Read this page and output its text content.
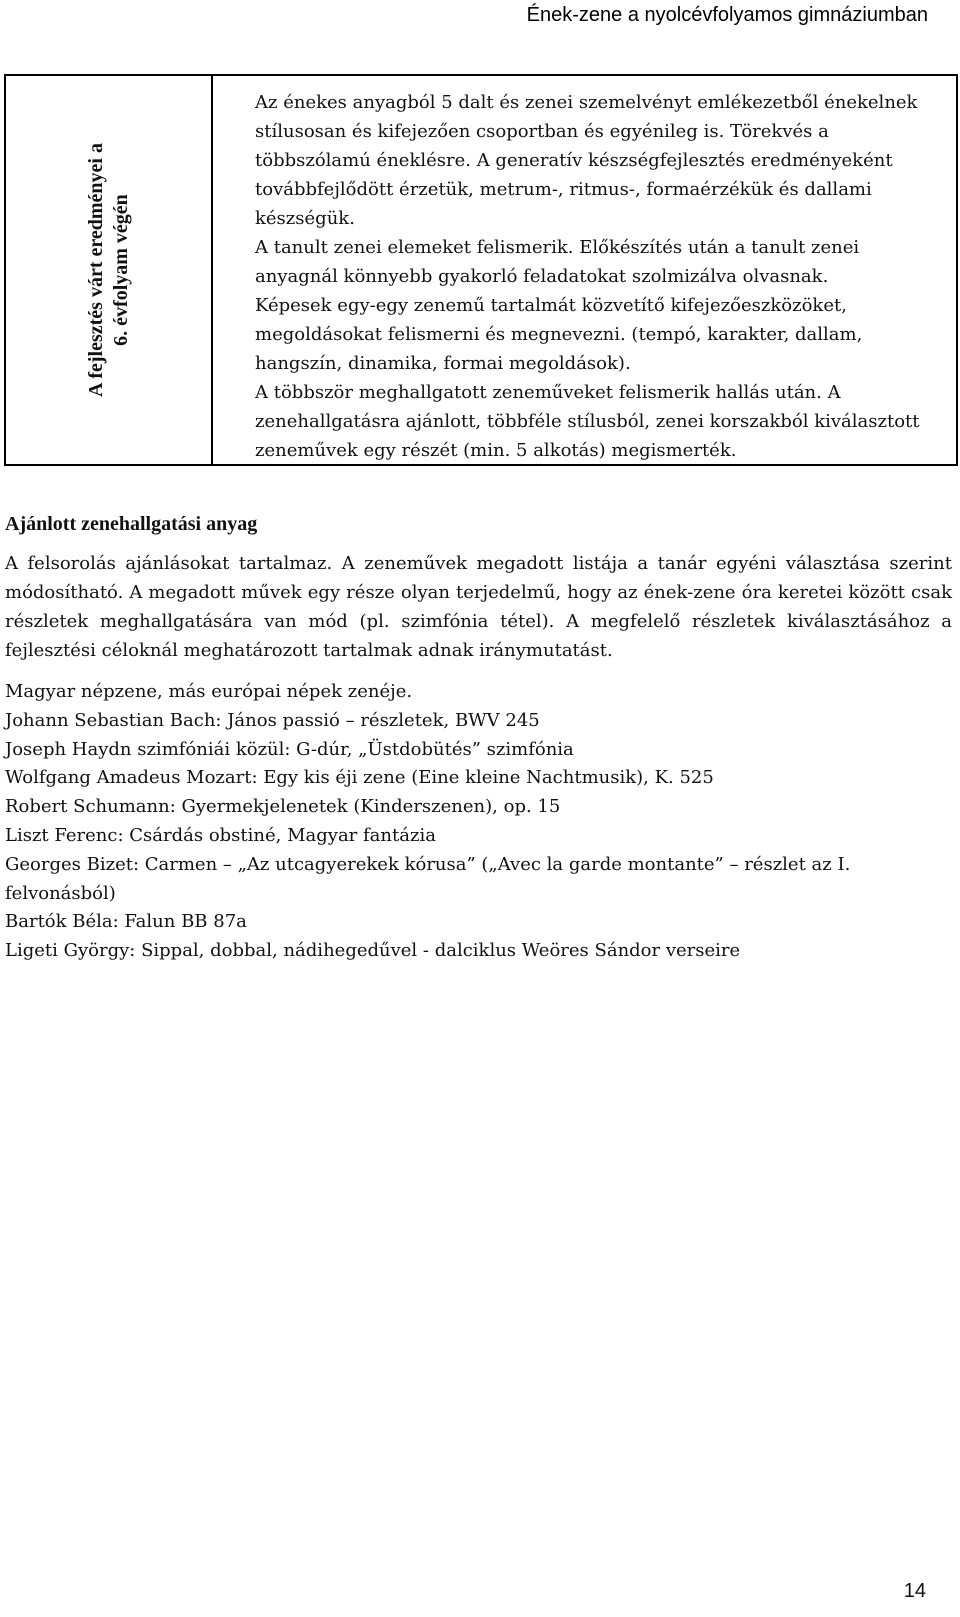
Ének-zene a nyolcévfolyamos gimnáziumban
A fejlesztés várt eredményei a 6. évfolyam végén

Az énekes anyagból 5 dalt és zenei szemelvényt emlékezetből énekelnek stílusosan és kifejezően csoportban és egyénileg is. Törekvés a többszólamú éneklésre. A generatív készségfejlesztés eredményeként továbbfejlődött érzetük, metrum-, ritmus-, formaérzékük és dallami készségük.

A tanult zenei elemeket felismerik. Előkészítés után a tanult zenei anyagnál könnyebb gyakorló feladatokat szolmizálva olvasnak.

Képesek egy-egy zenemű tartalmát közvetítő kifejezőeszközöket, megoldásokat felismerni és megnevezni. (tempó, karakter, dallam, hangszín, dinamika, formai megoldások).

A többször meghallgatott zeneműveket felismerik hallás után. A zenehallgatásra ajánlott, többféle stílusból, zenei korszakból kiválasztott zeneművek egy részét (min. 5 alkotás) megismerték.

Ajánlott zenehallgatási anyag

A felsorolás ajánlásokat tartalmaz. A zeneművek megadott listája a tanár egyéni választása szerint módosítható. A megadott művek egy része olyan terjedelmű, hogy az ének-zene óra keretei között csak részletek meghallgatására van mód (pl. szimfónia tétel). A megfelelő részletek kiválasztásához a fejlesztési céloknál meghatározott tartalmak adnak iránymutatást.

Magyar népzene, más európai népek zenéje.

Johann Sebastian Bach: János passió – részletek, BWV 245

Joseph Haydn szimfóniái közül: G-dúr, „Üstdobütés” szimfónia

Wolfgang Amadeus Mozart: Egy kis éji zene (Eine kleine Nachtmusik), K. 525

Robert Schumann: Gyermekjelenetek (Kinderszenen), op. 15

Liszt Ferenc: Csárdás obstiné, Magyar fantázia

Georges Bizet: Carmen – „Az utcagyerekek kórusa” („Avec la garde montante” – részlet az I. felvonásból)

Bartók Béla: Falun BB 87a

Ligeti György: Sippal, dobbal, nádihegedűvel - dalciklus Weöres Sándor verseire

14
